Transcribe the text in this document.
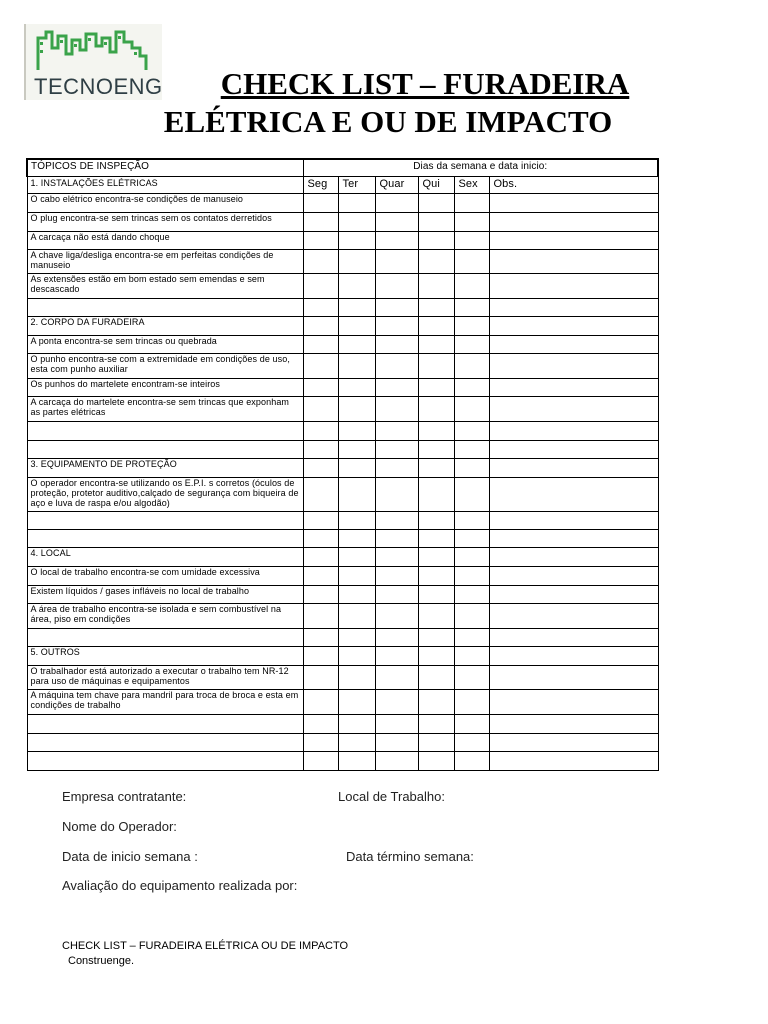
TECNOENG	CHECK LIST – FURADEIRA
ELÉTRICA E OU DE IMPACTO
TÓPICOS DE INSPEÇÃO	Dias da semana e data inicio:					
1. INSTALAÇÕES ELÉTRICAS	Seg	Ter	Quar	Qui	Sex	Obs.
O cabo elétrico encontra-se condições de manuseio						
O plug encontra-se sem trincas sem os contatos derretidos						
A carcaça não está dando choque						
A chave liga/desliga encontra-se em perfeitas condições de manuseio						
As extensões estão em bom estado sem emendas e sem descascado						

2. CORPO DA FURADEIRA						
A ponta encontra-se sem trincas ou quebrada						
O punho encontra-se com a extremidade em condições de uso, esta com punho auxiliar						
Os punhos do martelete encontram-se inteiros						
A carcaça do martelete encontra-se sem trincas que exponham as partes elétricas						

3. EQUIPAMENTO DE PROTEÇÃO						
O operador encontra-se utilizando os E.P.I. s corretos (óculos de proteção, protetor auditivo,calçado de segurança com biqueira de aço e luva de raspa e/ou algodão)						

4. LOCAL						
O local de trabalho encontra-se com umidade excessiva						
Existem líquidos / gases infláveis no local de trabalho						
A área de trabalho encontra-se isolada e sem combustível na área, piso em condições						

5. OUTROS						
O trabalhador está autorizado a executar o trabalho tem NR-12 para uso de máquinas e equipamentos						
A máquina tem chave para mandril para troca de broca e esta em condições de trabalho						

Empresa contratante:	Local de Trabalho:
Nome do Operador:
Data de inicio semana :	Data término semana:
Avaliação do equipamento realizada por:
CHECK LIST – FURADEIRA ELÉTRICA OU DE IMPACTO
Construenge.
